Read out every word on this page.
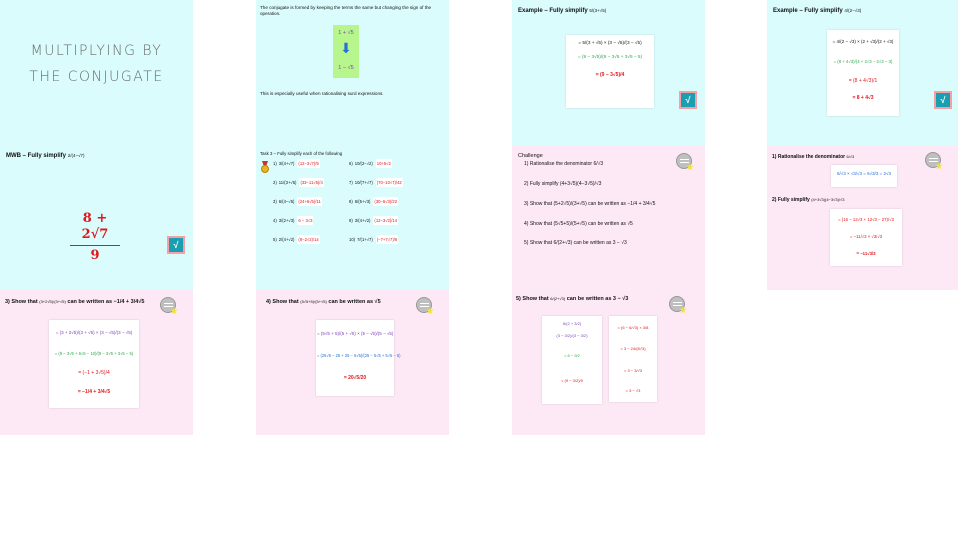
MULTIPLYING BY THE CONJUGATE
The conjugate is formed by keeping the terms the same but changing the sign of the operation.
1 + √5
⬇
1 − √5
This is especially useful when rationalising surd expressions.
Example – Fully simplify 5/(3+√5)
= 5/(3 + √5) × (3 − √5)/(3 − √5)
= (9 − 3√5)/(9 − 3√5 + 3√5 − 5)
= (9 − 3√5)/4
√
Example – Fully simplify 4/(2−√3)
= 4/(2 − √3) × (2 + √3)/(2 + √3)
= (8 + 4√3)/(4 + 2√3 − 2√3 − 3)
= (8 + 4√3)/1
= 8 + 4√3	√
MWB – Fully simplify 2/(4−√7)
$\frac{8 + 2√7}{9}$	√
Task 3 – Fully simplify each of the following
1) 3/(4+√7) (12−3√7)/9
2) 11/(3+√5) (33−11√5)/4
3) 6/(4−√5) (24+6√5)/11
4) 3/(2+√3) 6 − 3√3
5) 2/(4+√2) (8−2√2)/14
6) 10/(2−√2) 10+5√2
7) 10/(7+√7) (70−10√7)/42
8) 6/(5+√3) (30−6√3)/22
9) 3/(4+√2) (12−3√2)/14
10) 7/(1+√7) (−7+7√7)/6
Challenge
1) Rationalise the denominator 6/√3
2) Fully simplify (4+3√5)(4−3√5)/√3
3) Show that (5+2√5)/(3+√5) can be written as −1/4 + 3/4√5
4) Show that (5√5+5)/(5+√5) can be written as √5
5) Show that 6/(2+√3) can be written as 3 − √3
1) Rationalise the denominator 6/√3
6/√3 × √3/√3 = 6√3/3 = 2√3
2) Fully simplify (4+3√3)(4−3√3)/√3
= (16 − 12√3 + 12√3 − 27)/√3
= −11/√3 × √3/√3
= −11√3/3
3) Show that (3+2√5)/(3+√5) can be written as −1/4 + 3/4√5
= (3 + 2√5)/(3 + √5) × (3 − √5)/(3 − √5)
= (9 − 3√5 + 6√5 − 10)/(9 − 3√5 + 3√5 − 5)
= (−1 + 3√5)/4
= −1/4 + 3/4√5
4) Show that (5√5+5)/(5+√5) can be written as √5
= (5√5 + 5)/(5 + √5) × (5 − √5)/(5 − √5)
= (25√5 − 25 + 25 − 5√5)/(25 − 5√5 + 5√5 − 5)
= 20√5/20
5) Show that 6/(2+√3) can be written as 3 − √3
6/(2 + 3/2)
(3 − 3/2)/(3 − 3/2)
= 6 − 9/2
= (9 − 3/2)/9
= (6 − 6/√3) × 3/8
= 3 − 24/(8√3)
= 3 − 3/√3
= 3 − √3
